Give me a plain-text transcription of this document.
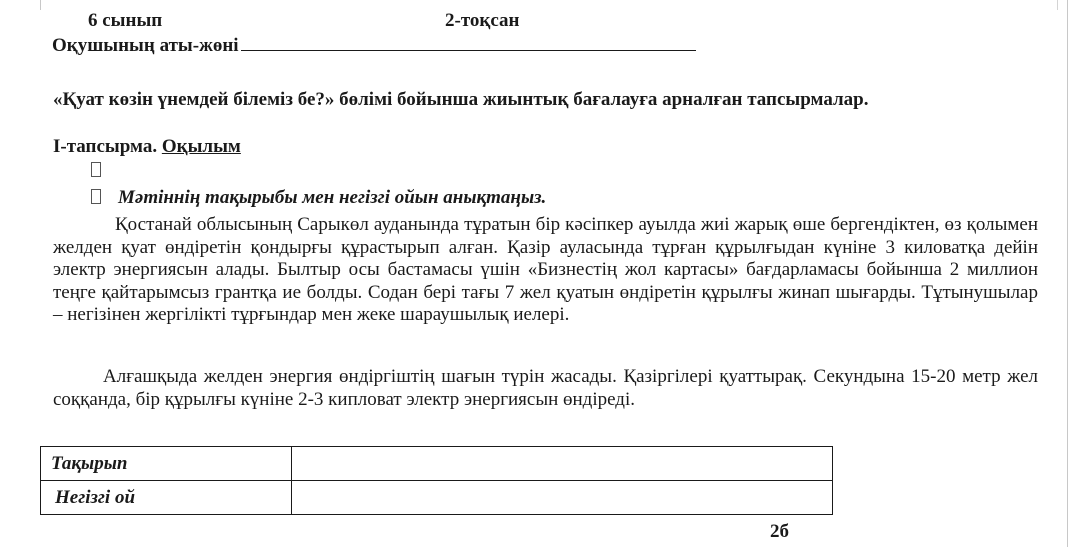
6 сынып	2-тоқсан
Оқушының аты-жөні
«Қуат көзін үнемдей білеміз бе?» бөлімі бойынша жиынтық бағалауға арналған тапсырмалар.
І-тапсырма. Оқылым
Мәтіннің тақырыбы мен негізгі ойын анықтаңыз.
Қостанай облысының Сарыкөл ауданында тұратын бір кәсіпкер ауылда жиі жарық өше бергендіктен, өз қолымен желден қуат өндіретін қондырғы құрастырып алған. Қазір ауласында тұрған құрылғыдан күніне 3 киловатқа дейін электр энергиясын алады. Былтыр осы бастамасы үшін «Бизнестің жол картасы» бағдарламасы бойынша 2 миллион теңге қайтарымсыз грантқа ие болды. Содан бері тағы 7 жел қуатын өндіретін құрылғы жинап шығарды. Тұтынушылар – негізінен жергілікті тұрғындар мен жеке шараушылық иелері.
Алғашқыда желден энергия өндіргіштің шағын түрін жасады. Қазіргілері қуаттырақ. Секундына 15-20 метр жел соққанда, бір құрылғы күніне 2-3 кипловат электр энергиясын өндіреді.
Тақырып	
Негізгі ой	
2б
